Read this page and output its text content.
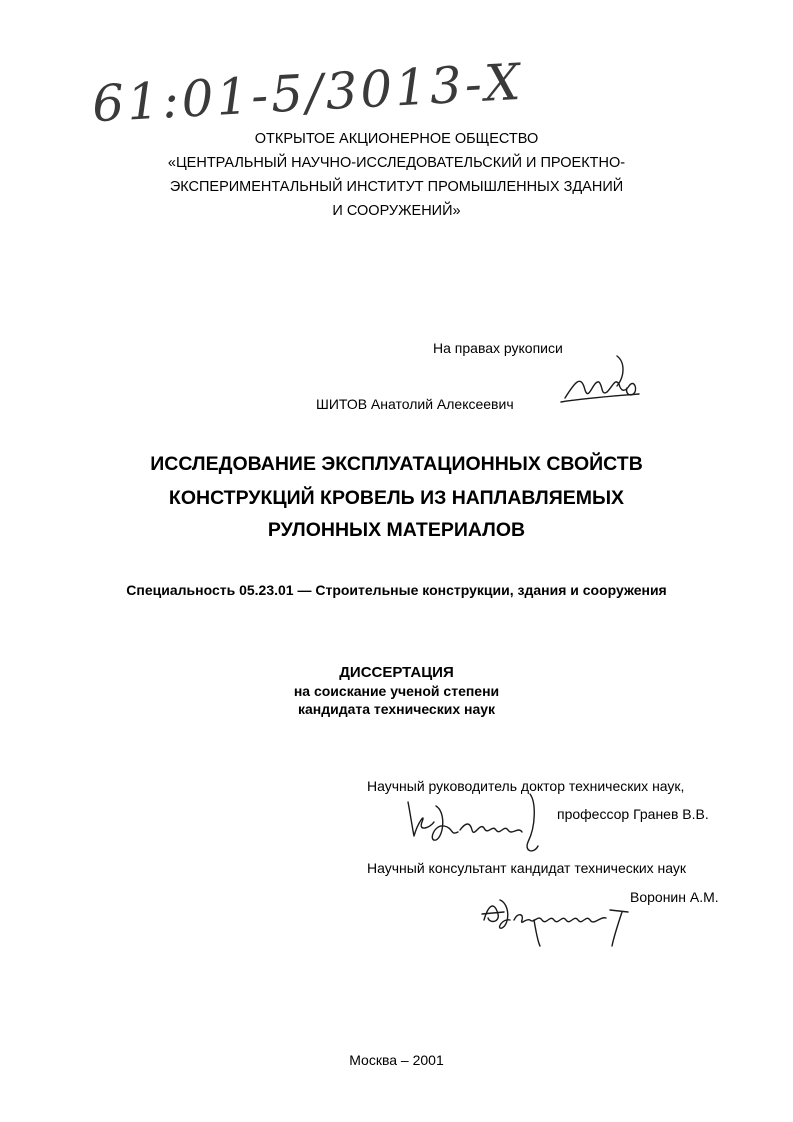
61:01-5/3013-Х
ОТКРЫТОЕ АКЦИОНЕРНОЕ ОБЩЕСТВО
«ЦЕНТРАЛЬНЫЙ НАУЧНО-ИССЛЕДОВАТЕЛЬСКИЙ И ПРОЕКТНО-
ЭКСПЕРИМЕНТАЛЬНЫЙ ИНСТИТУТ ПРОМЫШЛЕННЫХ ЗДАНИЙ
И СООРУЖЕНИЙ»
На правах рукописи
ШИТОВ Анатолий Алексеевич
ИССЛЕДОВАНИЕ ЭКСПЛУАТАЦИОННЫХ СВОЙСТВ
КОНСТРУКЦИЙ КРОВЕЛЬ ИЗ НАПЛАВЛЯЕМЫХ
РУЛОННЫХ МАТЕРИАЛОВ
Специальность 05.23.01 — Строительные конструкции, здания и сооружения
ДИССЕРТАЦИЯ
на соискание ученой степени
кандидата технических наук
Научный руководитель доктор технических наук,
профессор Гранев В.В.
Научный консультант кандидат технических наук
Воронин А.М.
Москва – 2001
